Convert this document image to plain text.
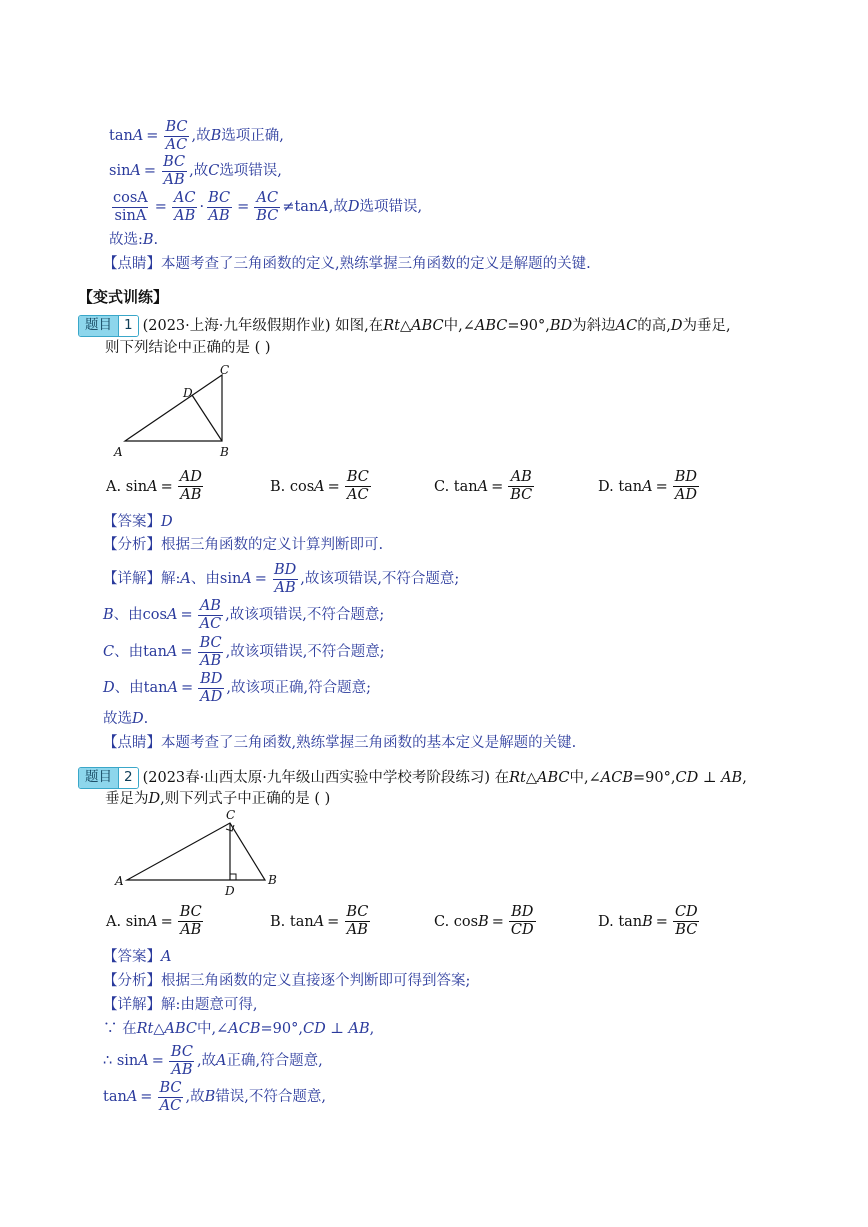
$\tan A = \frac{BC}{AC}$ ,故 B 选项正确,
$\sin A = \frac{BC}{AB}$ ,故 C 选项错误,
$\frac{\cos A}{\sin A} = \frac{AC}{AB} \cdot \frac{BC}{AB} = \frac{AC}{BC} \ne\tan$ A ,故 D 选项错误,
故选: B .
【点睛】本题考查了三角函数的定义,熟练掌握三角函数的定义是解题的关键.
【变式训练】
题目 1 (2023·上海·九年级假期作业) 如图,在 Rt△ABC 中,∠ ABC =90°, BD 为斜边 AC 的高, D 为垂足,
则下列结论中正确的是 ( )
A	B
C
D
A. $\sin A = \frac{AD}{AB}$	B. $\cos A = \frac{BC}{AC}$	C. $\tan A = \frac{AB}{BC}$	D. $\tan A = \frac{BD}{AD}$
【答案】 D
【分析】根据三角函数的定义计算判断即可.
【详解】解: A 、由$\sin A = \frac{BD}{AB}$ ,故该项错误,不符合题意;
B 、由$\cos A = \frac{AB}{AC}$ ,故该项错误,不符合题意;
C 、由$\tan A = \frac{BC}{AB}$ ,故该项错误,不符合题意;
D 、由$\tan A = \frac{BD}{AD}$ ,故该项正确,符合题意;
故选 D .
【点睛】本题考查了三角函数,熟练掌握三角函数的基本定义是解题的关键.
题目 2 (2023春·山西太原·九年级山西实验中学校考阶段练习) 在 Rt△ABC 中,∠ ACB =90°, CD ⊥ AB ,
垂足为 D ,则下列式子中正确的是 ( )
A	B
C
D
A. $\sin A = \frac{BC}{AB}$	B. $\tan A = \frac{BC}{AB}$	C. $\cos B = \frac{BD}{CD}$	D. $\tan B = \frac{CD}{BC}$
【答案】 A
【分析】根据三角函数的定义直接逐个判断即可得到答案;
【详解】解:由题意可得,
∵ 在 Rt△ABC 中,∠ ACB =90°, CD ⊥ AB ,
∴ $\sin A = \frac{BC}{AB}$ ,故 A 正确,符合题意,
$\tan A = \frac{BC}{AC}$ ,故 B 错误,不符合题意,
